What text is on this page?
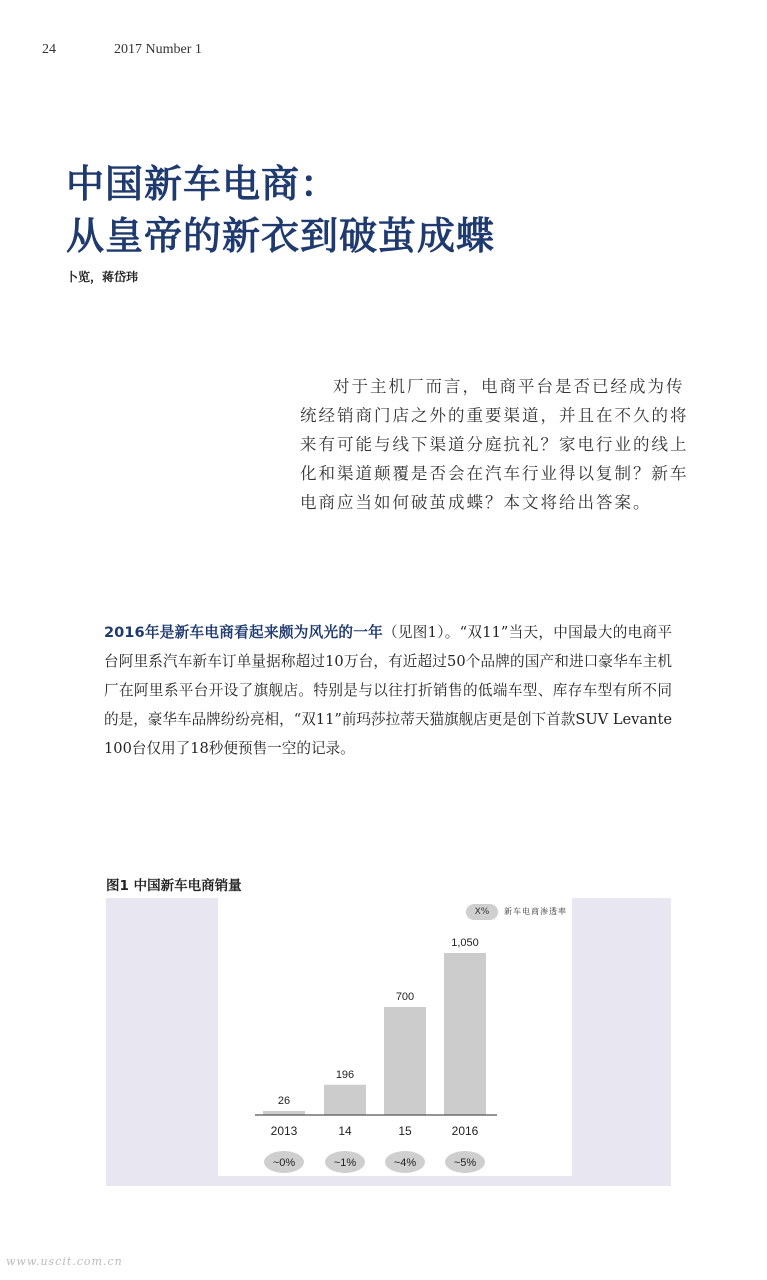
24	2017 Number 1
中国新车电商：
从皇帝的新衣到破茧成蝶
卜览，蒋岱玮
对于主机厂而言，电商平台是否已经成为传统经销商门店之外的重要渠道，并且在不久的将来有可能与线下渠道分庭抗礼？家电行业的线上化和渠道颠覆是否会在汽车行业得以复制？新车电商应当如何破茧成蝶？本文将给出答案。
2016年是新车电商看起来颇为风光的一年（见图1）。“双11”当天，中国最大的电商平台阿里系汽车新车订单量据称超过10万台，有近超过50个品牌的国产和进口豪华车主机厂在阿里系平台开设了旗舰店。特别是与以往打折销售的低端车型、库存车型有所不同的是，豪华车品牌纷纷亮相，“双11”前玛莎拉蒂天猫旗舰店更是创下首款SUV Levante 100台仅用了18秒便预售一空的记录。
图1 中国新车电商销量
X%	新车电商渗透率
26
2013
~0%
196
14
~1%
700
15
~4%
1,050
2016
~5%
www.uscit.com.cn
